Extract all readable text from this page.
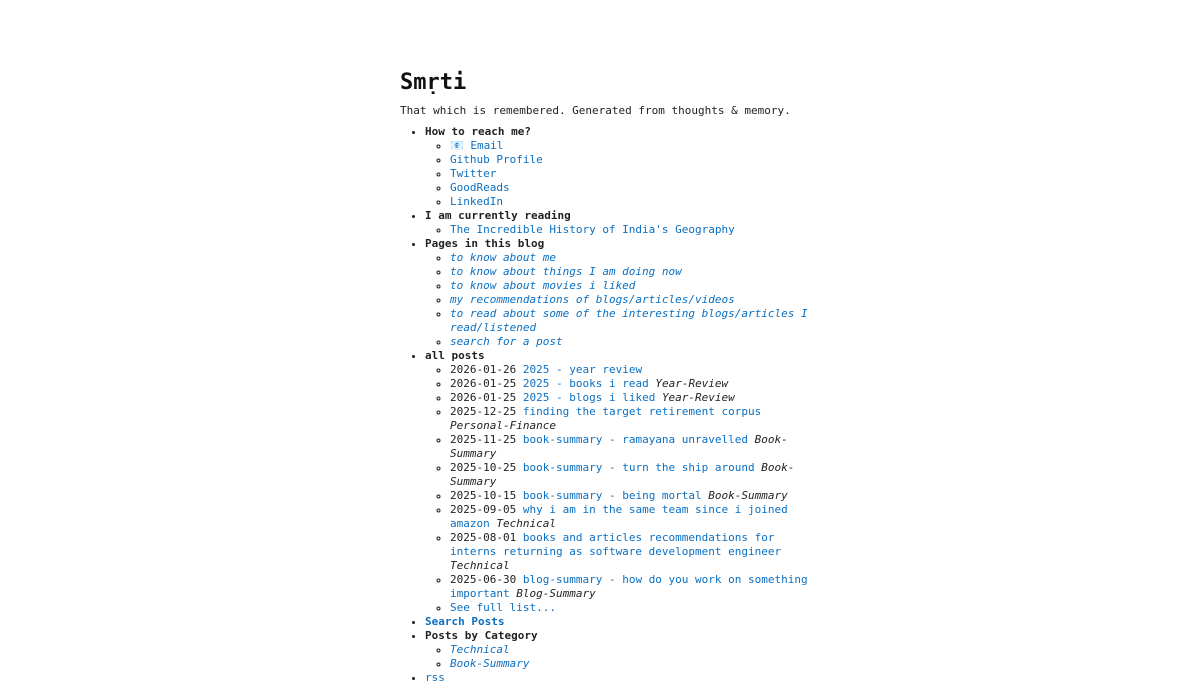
Smṛti
That which is remembered. Generated from thoughts & memory.
• How to reach me?
◦ 📧 Email
◦ Github Profile
◦ Twitter
◦ GoodReads
◦ LinkedIn
• I am currently reading
◦ The Incredible History of India's Geography
• Pages in this blog
◦ to know about me
◦ to know about things I am doing now
◦ to know about movies i liked
◦ my recommendations of blogs/articles/videos
◦ to read about some of the interesting blogs/articles I read/listened
◦ search for a post
• all posts
◦ 2026-01-26 2025 - year review
◦ 2026-01-25 2025 - books i read Year-Review
◦ 2026-01-25 2025 - blogs i liked Year-Review
◦ 2025-12-25 finding the target retirement corpus Personal-Finance
◦ 2025-11-25 book-summary - ramayana unravelled Book-Summary
◦ 2025-10-25 book-summary - turn the ship around Book-Summary
◦ 2025-10-15 book-summary - being mortal Book-Summary
◦ 2025-09-05 why i am in the same team since i joined amazon Technical
◦ 2025-08-01 books and articles recommendations for interns returning as software development engineer Technical
◦ 2025-06-30 blog-summary - how do you work on something important Blog-Summary
◦ See full list...
• Search Posts
• Posts by Category
◦ Technical
◦ Book-Summary
• rss
